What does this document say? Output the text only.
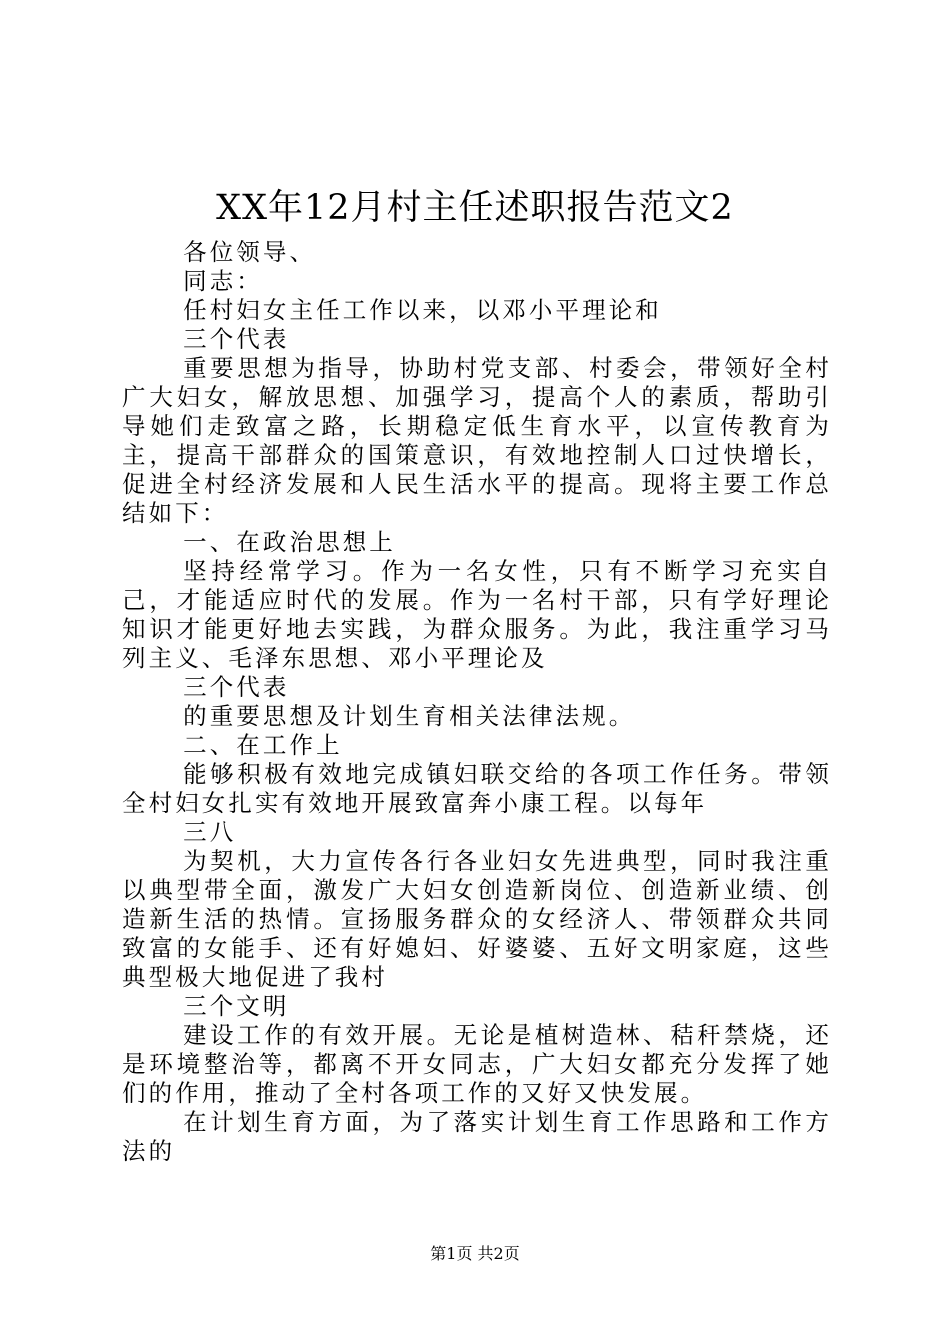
XX年12月村主任述职报告范文2

各位领导、

同志：

任村妇女主任工作以来，以邓小平理论和

三个代表

重要思想为指导，协助村党支部、村委会，带领好全村广大妇女，解放思想、加强学习，提高个人的素质，帮助引导她们走致富之路，长期稳定低生育水平，以宣传教育为主，提高干部群众的国策意识，有效地控制人口过快增长，促进全村经济发展和人民生活水平的提高。现将主要工作总结如下：

一、在政治思想上

坚持经常学习。作为一名女性，只有不断学习充实自己，才能适应时代的发展。作为一名村干部，只有学好理论知识才能更好地去实践，为群众服务。为此，我注重学习马列主义、毛泽东思想、邓小平理论及

三个代表

的重要思想及计划生育相关法律法规。

二、在工作上

能够积极有效地完成镇妇联交给的各项工作任务。带领全村妇女扎实有效地开展致富奔小康工程。以每年

三八

为契机，大力宣传各行各业妇女先进典型，同时我注重以典型带全面，激发广大妇女创造新岗位、创造新业绩、创造新生活的热情。宣扬服务群众的女经济人、带领群众共同致富的女能手、还有好媳妇、好婆婆、五好文明家庭，这些典型极大地促进了我村

三个文明

建设工作的有效开展。无论是植树造林、秸秆禁烧，还是环境整治等，都离不开女同志，广大妇女都充分发挥了她们的作用，推动了全村各项工作的又好又快发展。

在计划生育方面，为了落实计划生育工作思路和工作方法的

第1页 共2页
